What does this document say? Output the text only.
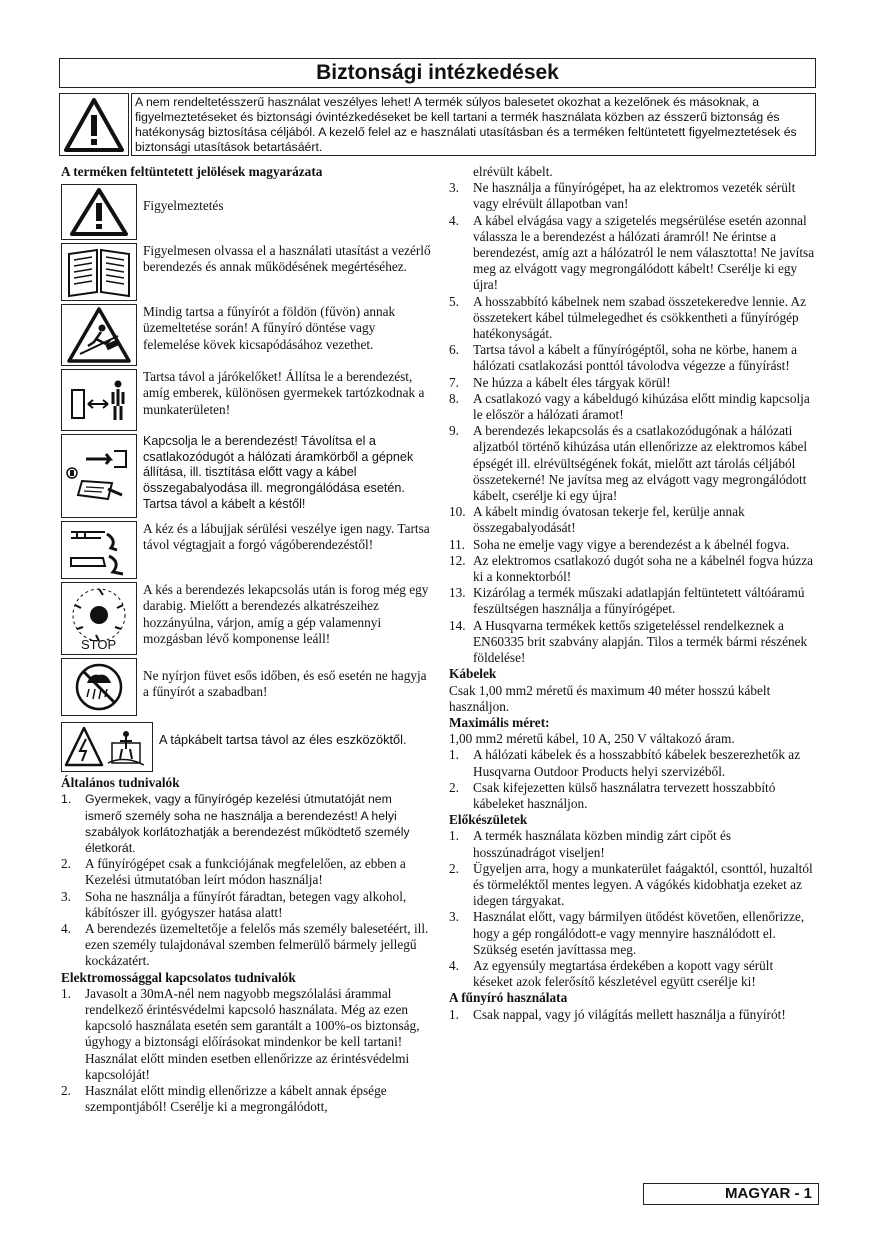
Biztonsági intézkedések
A nem rendeltetésszerű használat veszélyes lehet! A termék súlyos balesetet okozhat a kezelőnek és másoknak, a figyelmeztetéseket és biztonsági óvintézkedéseket be kell tartani a termék használata közben az ésszerű biztonság és hatékonyság biztosítása céljából. A kezelő felel az e használati utasításban és a terméken feltüntetett figyelmeztetések és biztonsági utasítások betartásáért.

A terméken feltüntetett jelölések magyarázata

Figyelmeztetés
Figyelmesen olvassa el a használati utasítást a vezérlő berendezés és annak működésének megértéséhez.
Mindig tartsa a fűnyírót a földön (fűvön) annak üzemeltetése során! A fűnyíró döntése vagy felemelése kövek kicsapódásához vezethet.
Tartsa távol a járókelőket! Állítsa le a berendezést, amíg emberek, különösen gyermekek tartózkodnak a munkaterületen!
Kapcsolja le a berendezést! Távolítsa el a csatlakozódugót a hálózati áramkörből a gépnek állítása, ill. tisztítása előtt vagy a kábel összegabalyodása ill. megrongálódása esetén. Tartsa távol a kábelt a késtől!
A kéz és a lábujjak sérülési veszélye igen nagy. Tartsa távol végtagjait a forgó vágóberendezéstől!
A kés a berendezés lekapcsolás után is forog még egy darabig. Mielőtt a berendezés alkatrészeihez hozzányúlna, várjon, amíg a gép valamennyi mozgásban lévő komponense leáll!
Ne nyírjon füvet esős időben, és eső esetén ne hagyja a fűnyírót a szabadban!
A tápkábelt tartsa távol az éles eszközöktől.

Általános tudnivalók

1. Gyermekek, vagy a fűnyírógép kezelési útmutatóját nem ismerő személy soha ne használja a berendezést! A helyi szabályok korlátozhatják a berendezést működtető személy életkorát.
2. A fűnyírógépet csak a funkciójának megfelelően, az ebben a Kezelési útmutatóban leírt módon használja!
3. Soha ne használja a fűnyírót fáradtan, betegen vagy alkohol, kábítószer ill. gyógyszer hatása alatt!
4. A berendezés üzemeltetője a felelős más személy balesetéért, ill. ezen személy tulajdonával szemben felmerülő bármely jellegű kockázatért.

Elektromossággal kapcsolatos tudnivalók

1. Javasolt a 30mA-nél nem nagyobb megszólalási árammal rendelkező érintésvédelmi kapcsoló használata. Még az ezen kapcsoló használata esetén sem garantált a 100%-os biztonság, úgyhogy a biztonsági előírásokat mindenkor be kell tartani! Használat előtt minden esetben ellenőrizze az érintésvédelmi kapcsolóját!
2. Használat előtt mindig ellenőrizze a kábelt annak épsége szempontjából! Cserélje ki a megrongálódott,
elrévült kábelt.
3. Ne használja a fűnyírógépet, ha az elektromos vezeték sérült vagy elrévült állapotban van!
4. A kábel elvágása vagy a szigetelés megsérülése esetén azonnal válassza le a berendezést a hálózati áramról! Ne érintse a berendezést, amíg azt a hálózatról le nem választotta! Ne javítsa meg az elvágott vagy megrongálódott kábelt! Cserélje ki egy újra!
5. A hosszabbító kábelnek nem szabad összetekeredve lennie. Az összetekert kábel túlmelegedhet és csökkentheti a fűnyírógép hatékonyságát.
6. Tartsa távol a kábelt a fűnyírógéptől, soha ne körbe, hanem a hálózati csatlakozási ponttól távolodva végezze a fűnyírást!
7. Ne húzza a kábelt éles tárgyak körül!
8. A csatlakozó vagy a kábeldugó kihúzása előtt mindig kapcsolja le először a hálózati áramot!
9. A berendezés lekapcsolás és a csatlakozódugónak a hálózati aljzatból történő kihúzása után ellenőrizze az elektromos kábel épségét ill. elrévültségének fokát, mielőtt azt tárolás céljából összetekerné! Ne javítsa meg az elvágott vagy megrongálódott kábelt, cserélje ki egy újra!
10. A kábelt mindig óvatosan tekerje fel, kerülje annak összegabalyodását!
11. Soha ne emelje vagy vigye a berendezést a k ábelnél fogva.
12. Az elektromos csatlakozó dugót soha ne a kábelnél fogva húzza ki a konnektorból!
13. Kizárólag a termék műszaki adatlapján feltüntetett váltóáramú feszültségen használja a fűnyírógépet.
14. A Husqvarna termékek kettős szigeteléssel rendelkeznek a EN60335 brit szabvány alapján. Tilos a termék bármi részének földelése!

Kábelek

Csak 1,00 mm2 méretű és maximum 40 méter hosszú kábelt használjon.

Maximális méret:

1,00 mm2 méretű kábel, 10 A, 250 V váltakozó áram.

1. A hálózati kábelek és a hosszabbító kábelek beszerezhetők az Husqvarna Outdoor Products helyi szervizéből.
2. Csak kifejezetten külső használatra tervezett hosszabbító kábeleket használjon.

Előkészületek

1. A termék használata közben mindig zárt cipőt és hosszúnadrágot viseljen!
2. Ügyeljen arra, hogy a munkaterület faágaktól, csonttól, huzaltól és törmeléktől mentes legyen. A vágókés kidobhatja ezeket az idegen tárgyakat.
3. Használat előtt, vagy bármilyen ütődést követően, ellenőrizze, hogy a gép rongálódott-e vagy mennyire használódott el. Szükség esetén javíttassa meg.
4. Az egyensúly megtartása érdekében a kopott vagy sérült késeket azok felerősítő készletével együtt cserélje ki!

A fűnyíró használata

1. Csak nappal, vagy jó világítás mellett használja a fűnyírót!
STOP
MAGYAR - 1
